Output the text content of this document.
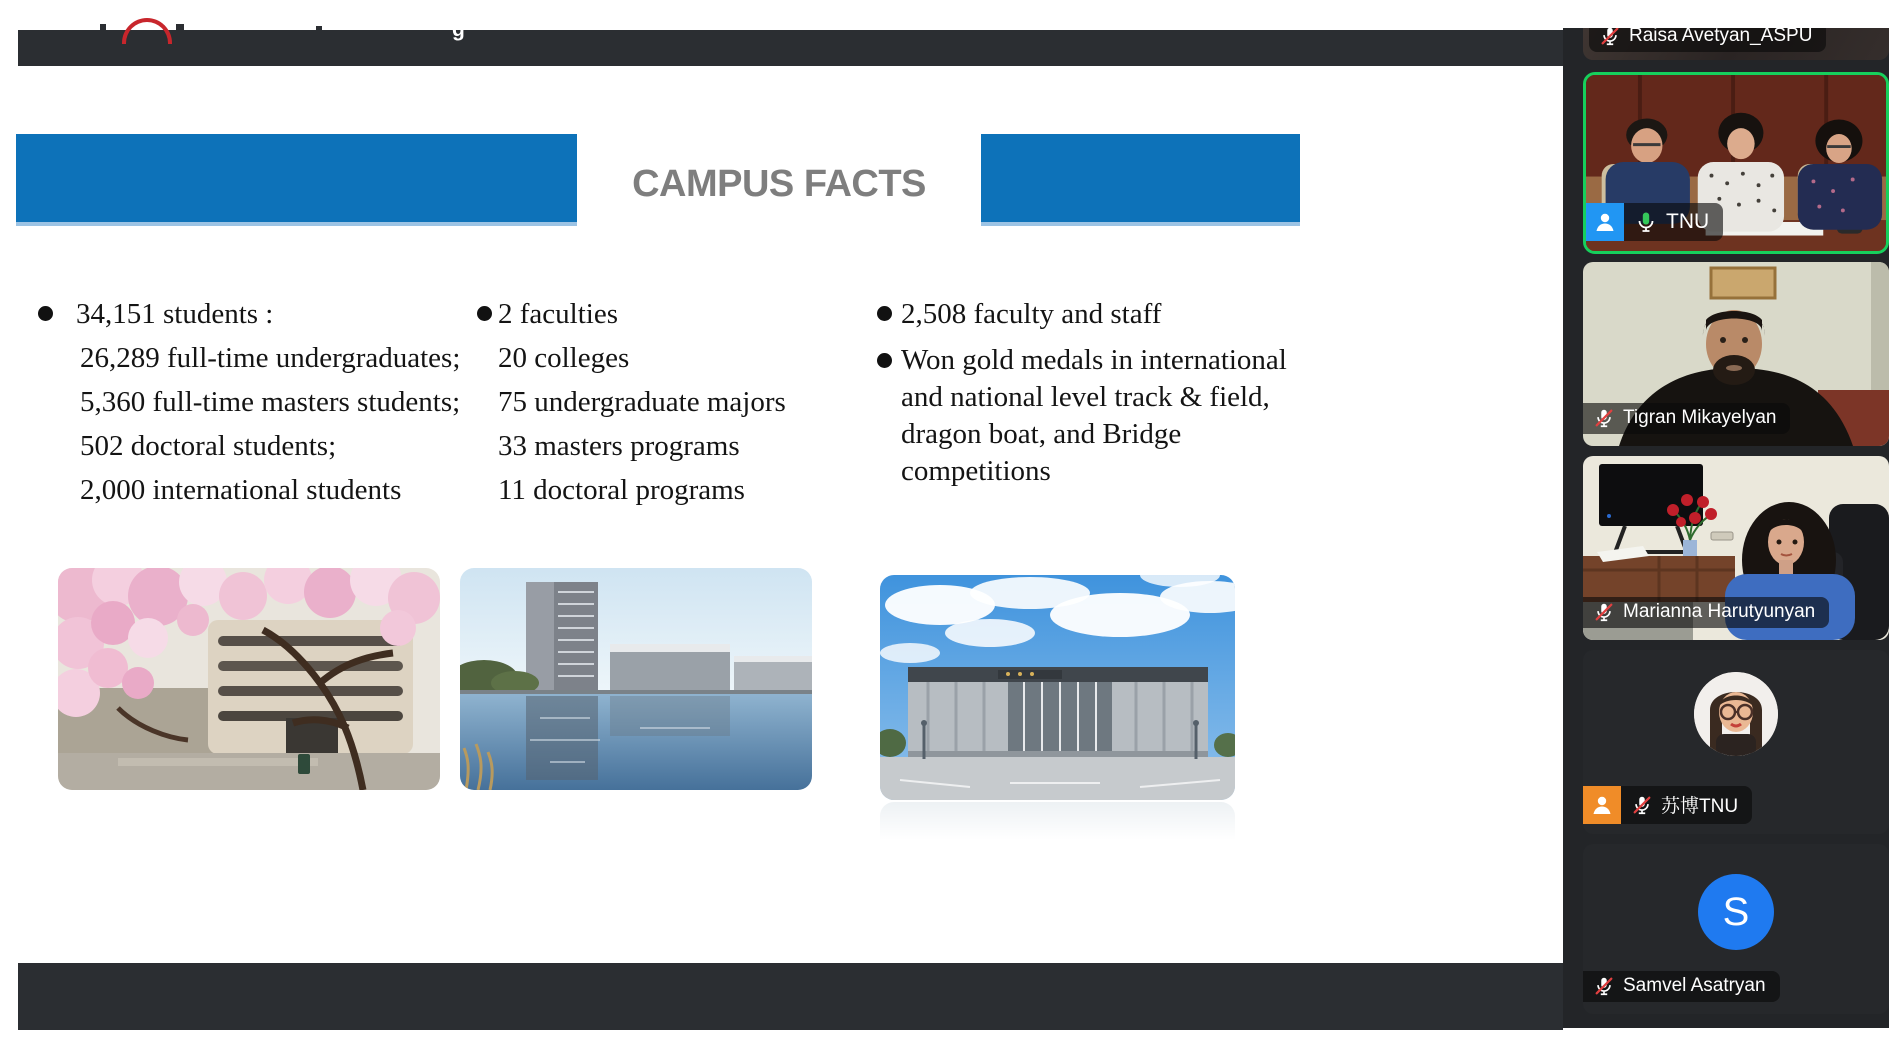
g
CAMPUS FACTS
34,151 students :
26,289 full-time undergraduates;
5,360 full-time masters students;
502 doctoral students;
2,000 international students
2 faculties
20 colleges
75 undergraduate majors
33 masters programs
11 doctoral programs
2,508 faculty and staff
Won gold medals in international
and national level track & field,
dragon boat, and Bridge
competitions
Raisa Avetyan_ASPU
TNU
Tigran Mikayelyan
Marianna Harutyunyan
苏博TNU
S
Samvel Asatryan
